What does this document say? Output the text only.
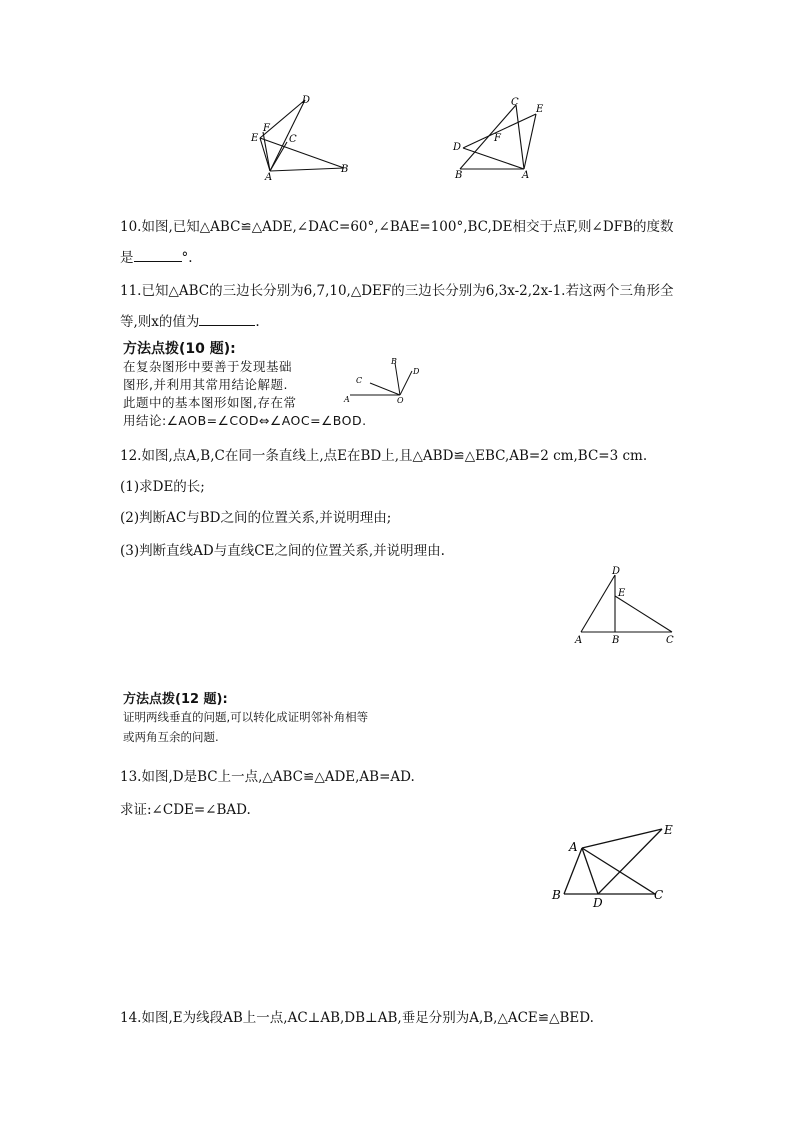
D
F
C
E
A
B
C
E
F
D
B	A
10.如图,已知△ABC≌△ADE,∠DAC=60°,∠BAE=100°,BC,DE相交于点F,则∠DFB的度数
是	°.
11.已知△ABC的三边长分别为6,7,10,△DEF的三边长分别为6,3x-2,2x-1.若这两个三角形全
等,则x的值为	.
方法点拨(10 题):
在复杂图形中要善于发现基础
图形,并利用其常用结论解题.
此题中的基本图形如图,存在常
用结论:∠AOB=∠COD⇔∠AOC=∠BOD.
B
D
C
A	O
12.如图,点A,B,C在同一条直线上,点E在BD上,且△ABD≌△EBC,AB=2 cm,BC=3 cm.
(1)求DE的长;
(2)判断AC与BD之间的位置关系,并说明理由;
(3)判断直线AD与直线CE之间的位置关系,并说明理由.
D
E
A	B	C
方法点拨(12 题):
证明两线垂直的问题,可以转化成证明邻补角相等
或两角互余的问题.
13.如图,D是BC上一点,△ABC≌△ADE,AB=AD.
求证:∠CDE=∠BAD.
E
A
B
D
C
14.如图,E为线段AB上一点,AC⊥AB,DB⊥AB,垂足分别为A,B,△ACE≌△BED.
